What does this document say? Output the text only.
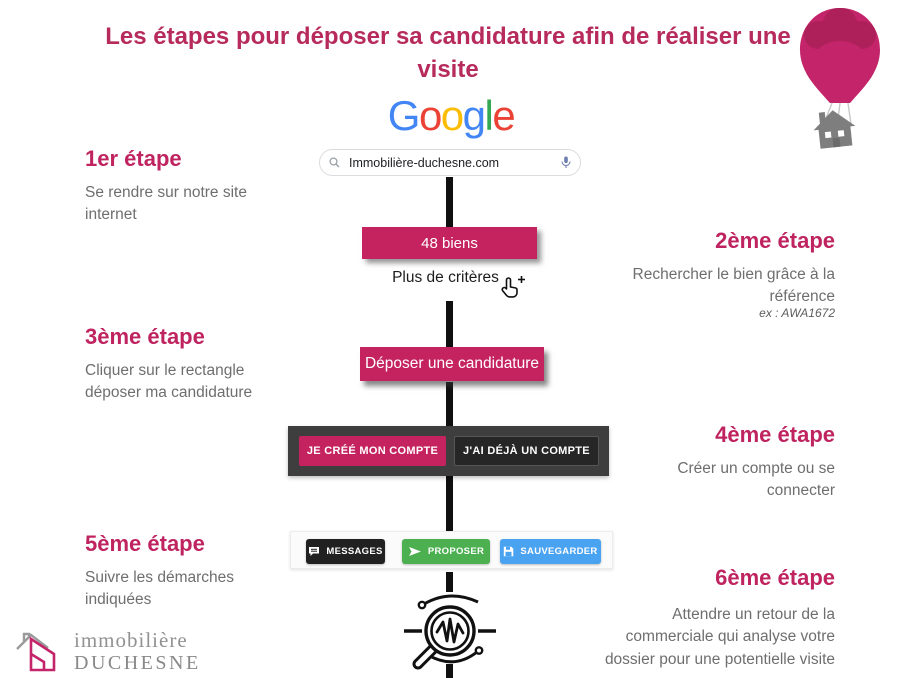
Les étapes pour déposer sa candidature afin de réaliser une visite
Google
Immobilière-duchesne.com
1er étape
Se rendre sur notre site internet
48 biens
Plus de critères
2ème étape
Rechercher le bien grâce à la référence
ex : AWA1672
3ème étape
Cliquer sur le rectangle déposer ma candidature
Déposer une candidature
JE CRÉÉ MON COMPTE	J'AI DÉJÀ UN COMPTE
4ème étape
Créer un compte ou se connecter
5ème étape
Suivre les démarches indiquées
MESSAGES	PROPOSER	SAUVEGARDER
6ème étape
Attendre un retour de la commerciale qui analyse votre dossier pour une potentielle visite
immobilière
DUCHESNE
